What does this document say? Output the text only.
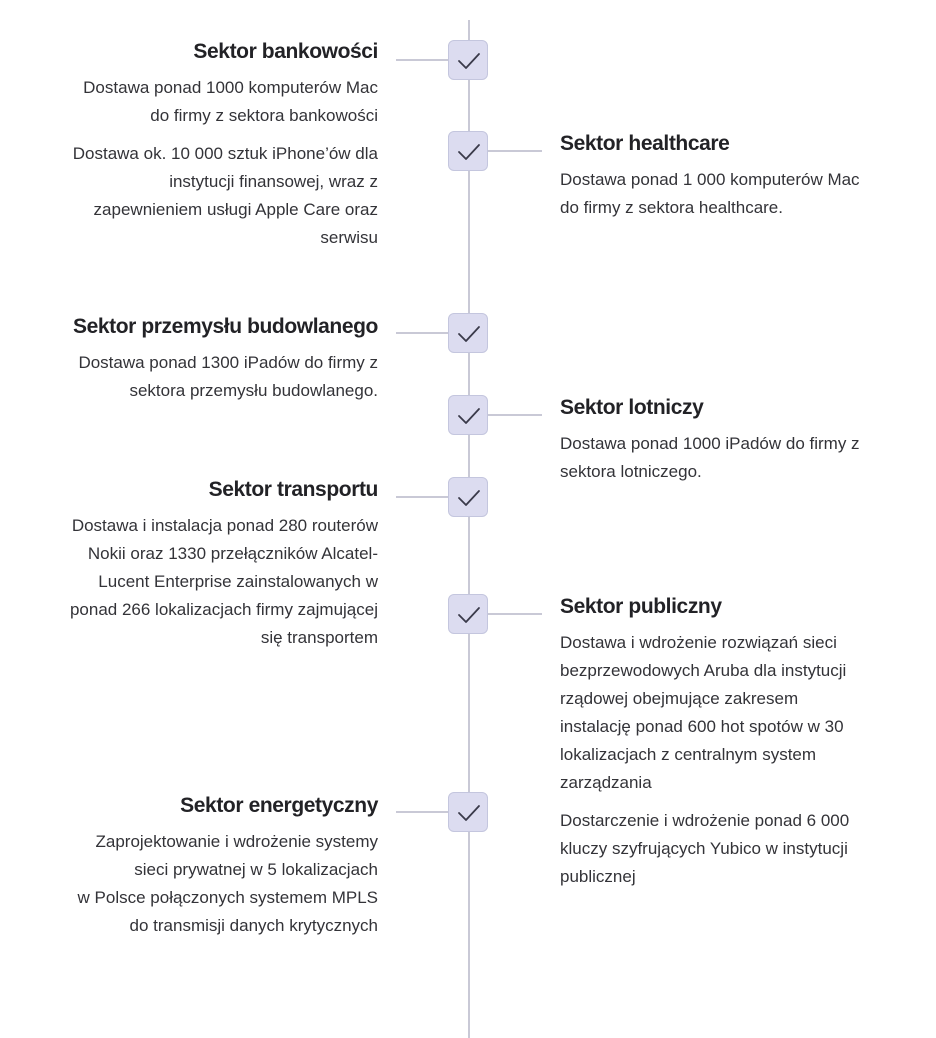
Sektor bankowości
Dostawa ponad 1000 komputerów Mac
do firmy z sektora bankowości
Dostawa ok. 10 000 sztuk iPhone’ów dla
instytucji finansowej, wraz z
zapewnieniem usługi Apple Care oraz
serwisu
Sektor przemysłu budowlanego
Dostawa ponad 1300 iPadów do firmy z
sektora przemysłu budowlanego.
Sektor transportu
Dostawa i instalacja ponad 280 routerów
Nokii oraz 1330 przełączników Alcatel-
Lucent Enterprise zainstalowanych w
ponad 266 lokalizacjach firmy zajmującej
się transportem
Sektor energetyczny
Zaprojektowanie i wdrożenie systemy
sieci prywatnej w 5 lokalizacjach
w Polsce połączonych systemem MPLS
do transmisji danych krytycznych
Sektor healthcare
Dostawa ponad 1 000 komputerów Mac
do firmy z sektora healthcare.
Sektor lotniczy
Dostawa ponad 1000 iPadów do firmy z
sektora lotniczego.
Sektor publiczny
Dostawa i wdrożenie rozwiązań sieci
bezprzewodowych Aruba dla instytucji
rządowej obejmujące zakresem
instalację ponad 600 hot spotów w 30
lokalizacjach z centralnym system
zarządzania
Dostarczenie i wdrożenie ponad 6 000
kluczy szyfrujących Yubico w instytucji
publicznej
